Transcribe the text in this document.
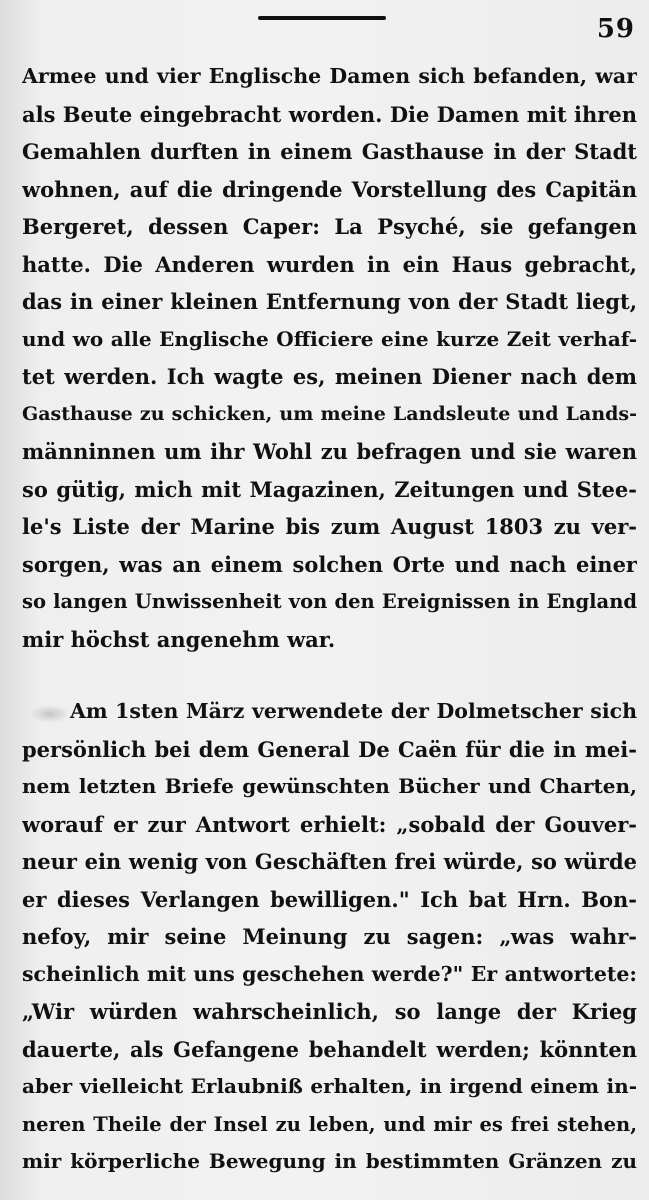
59
Armee und vier Englische Damen sich befanden, war
als Beute eingebracht worden. Die Damen mit ihren
Gemahlen durften in einem Gasthause in der Stadt
wohnen, auf die dringende Vorstellung des Capitän
Bergeret, dessen Caper: La Psyché, sie gefangen
hatte. Die Anderen wurden in ein Haus gebracht,
das in einer kleinen Entfernung von der Stadt liegt,
und wo alle Englische Officiere eine kurze Zeit verhaf-
tet werden. Ich wagte es, meinen Diener nach dem
Gasthause zu schicken, um meine Landsleute und Lands-
männinnen um ihr Wohl zu befragen und sie waren
so gütig, mich mit Magazinen, Zeitungen und Stee-
le's Liste der Marine bis zum August 1803 zu ver-
sorgen, was an einem solchen Orte und nach einer
so langen Unwissenheit von den Ereignissen in England
mir höchst angenehm war.
Am 1sten März verwendete der Dolmetscher sich
persönlich bei dem General De Caën für die in mei-
nem letzten Briefe gewünschten Bücher und Charten,
worauf er zur Antwort erhielt: „sobald der Gouver-
neur ein wenig von Geschäften frei würde, so würde
er dieses Verlangen bewilligen." Ich bat Hrn. Bon-
nefoy, mir seine Meinung zu sagen: „was wahr-
scheinlich mit uns geschehen werde?" Er antwortete:
„Wir würden wahrscheinlich, so lange der Krieg
dauerte, als Gefangene behandelt werden; könnten
aber vielleicht Erlaubniß erhalten, in irgend einem in-
neren Theile der Insel zu leben, und mir es frei stehen,
mir körperliche Bewegung in bestimmten Gränzen zu
